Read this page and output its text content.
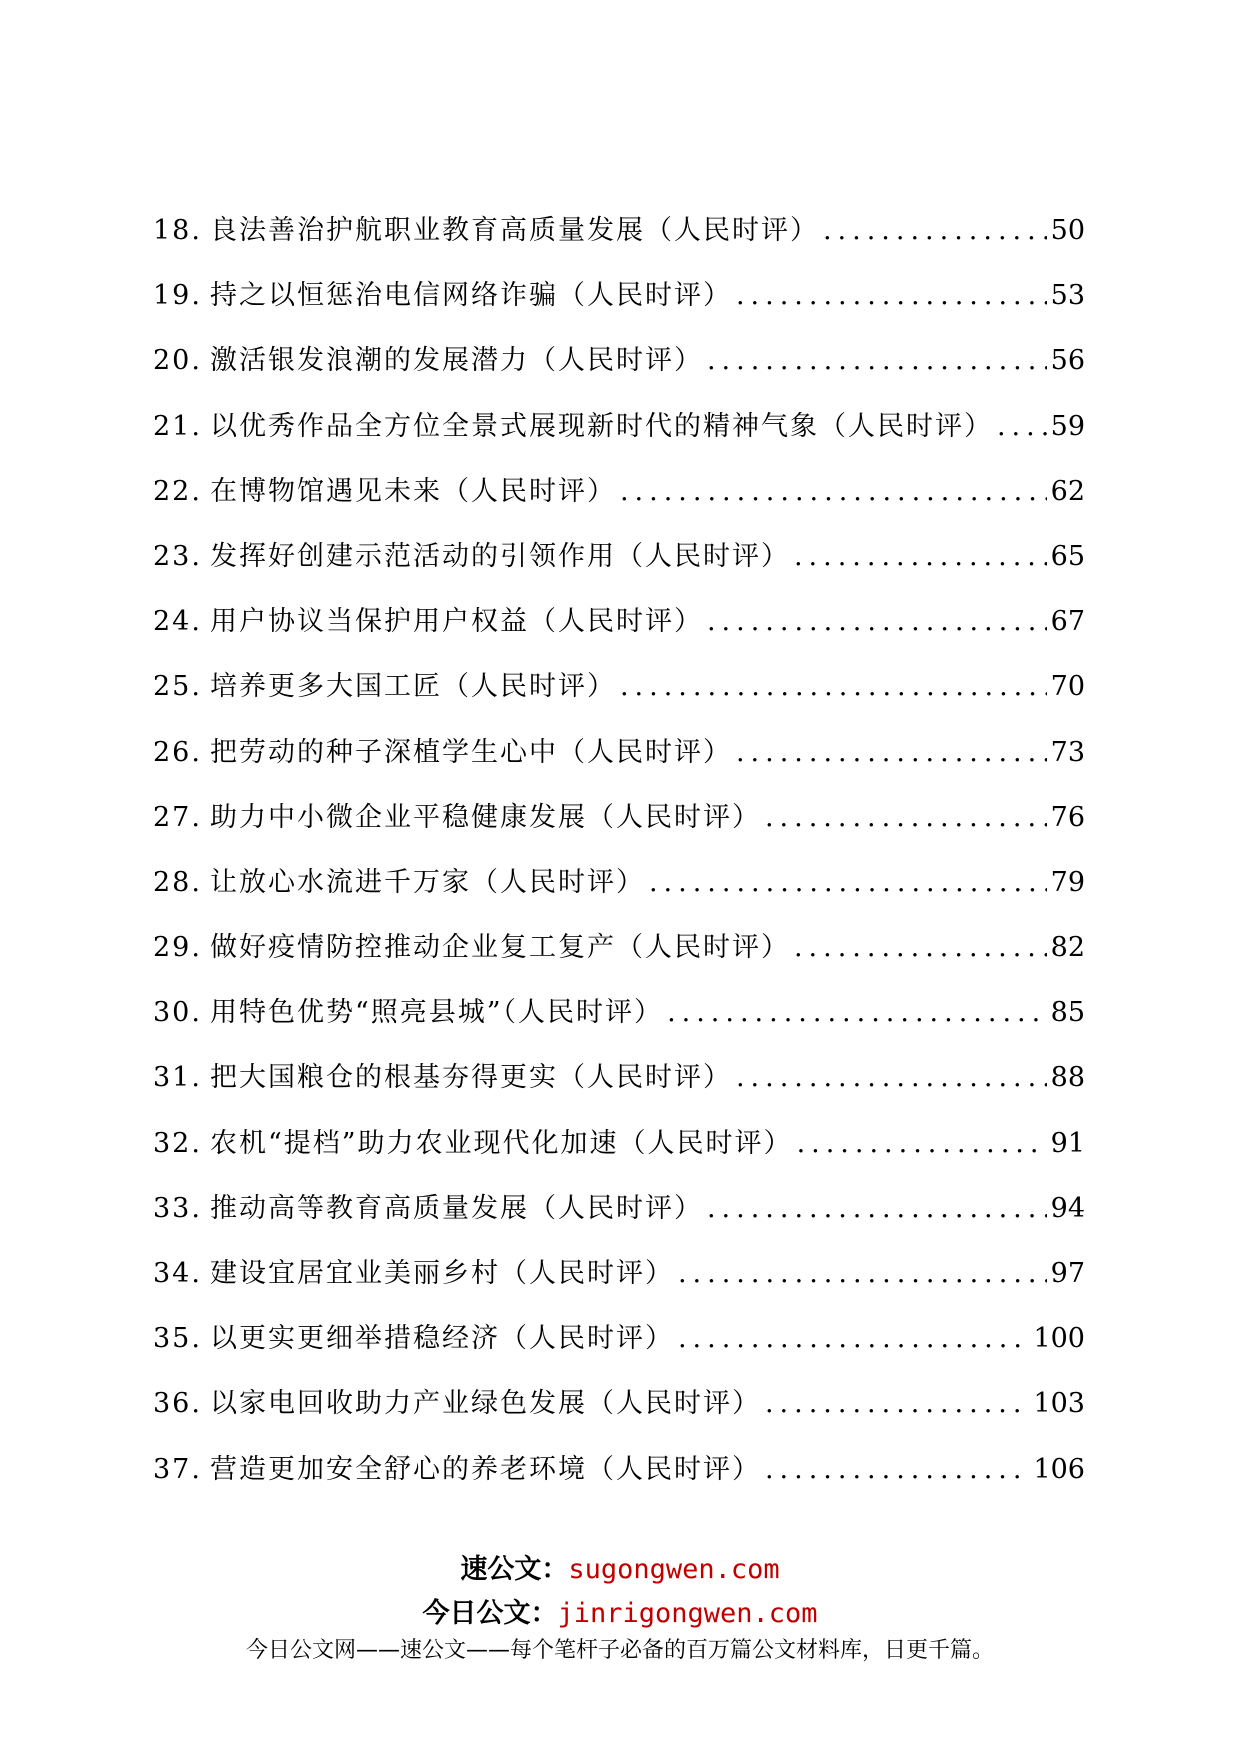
18. 良法善治护航职业教育高质量发展（人民时评） .....	50
19. 持之以恒惩治电信网络诈骗（人民时评） .....	53
20. 激活银发浪潮的发展潜力（人民时评） .....	56
21. 以优秀作品全方位全景式展现新时代的精神气象（人民时评） ..... 59
22. 在博物馆遇见未来（人民时评） .....	62
23. 发挥好创建示范活动的引领作用（人民时评） .....	65
24. 用户协议当保护用户权益（人民时评） .....	67
25. 培养更多大国工匠（人民时评） .....	70
26. 把劳动的种子深植学生心中（人民时评） .....	73
27. 助力中小微企业平稳健康发展（人民时评） .....	76
28. 让放心水流进千万家（人民时评） .....	79
29. 做好疫情防控推动企业复工复产（人民时评） .....	82
30. 用特色优势“照亮县城”（人民时评） .....	85
31. 把大国粮仓的根基夯得更实（人民时评） .....	88
32. 农机“提档”助力农业现代化加速（人民时评） .....	91
33. 推动高等教育高质量发展（人民时评） .....	94
34. 建设宜居宜业美丽乡村（人民时评） .....	97
35. 以更实更细举措稳经济（人民时评） .....	100
36. 以家电回收助力产业绿色发展（人民时评） .....	103
37. 营造更加安全舒心的养老环境（人民时评） .....	106
速公文：sugongwen.com
今日公文：jinrigongwen.com
今日公文网——速公文——每个笔杆子必备的百万篇公文材料库，日更千篇。
